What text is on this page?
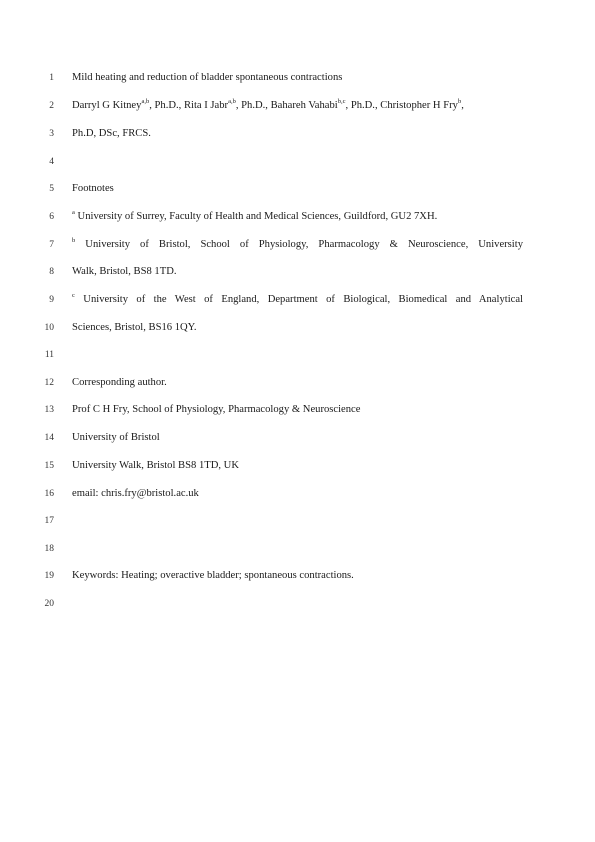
1 Mild heating and reduction of bladder spontaneous contractions
2 Darryl G Kitney$^{a,b}$, Ph.D., Rita I Jabr$^{a,b}$, Ph.D., Bahareh Vahabi$^{b,c}$, Ph.D., Christopher H Fry$^b$,
3 Ph.D, DSc, FRCS.
4
5 Footnotes
6	$^a$ University of Surrey, Faculty of Health and Medical Sciences, Guildford, GU2 7XH.
7	$^b$ University of Bristol, School of Physiology, Pharmacology & Neuroscience, University
8 Walk, Bristol, BS8 1TD.
9	$^c$ University of the West of England, Department of Biological, Biomedical and Analytical
10 Sciences, Bristol, BS16 1QY.
11
12 Corresponding author.
13 Prof C H Fry, School of Physiology, Pharmacology & Neuroscience
14 University of Bristol
15 University Walk, Bristol BS8 1TD, UK
16 email: chris.fry@bristol.ac.uk
17
18
19 Keywords: Heating; overactive bladder; spontaneous contractions.
20
